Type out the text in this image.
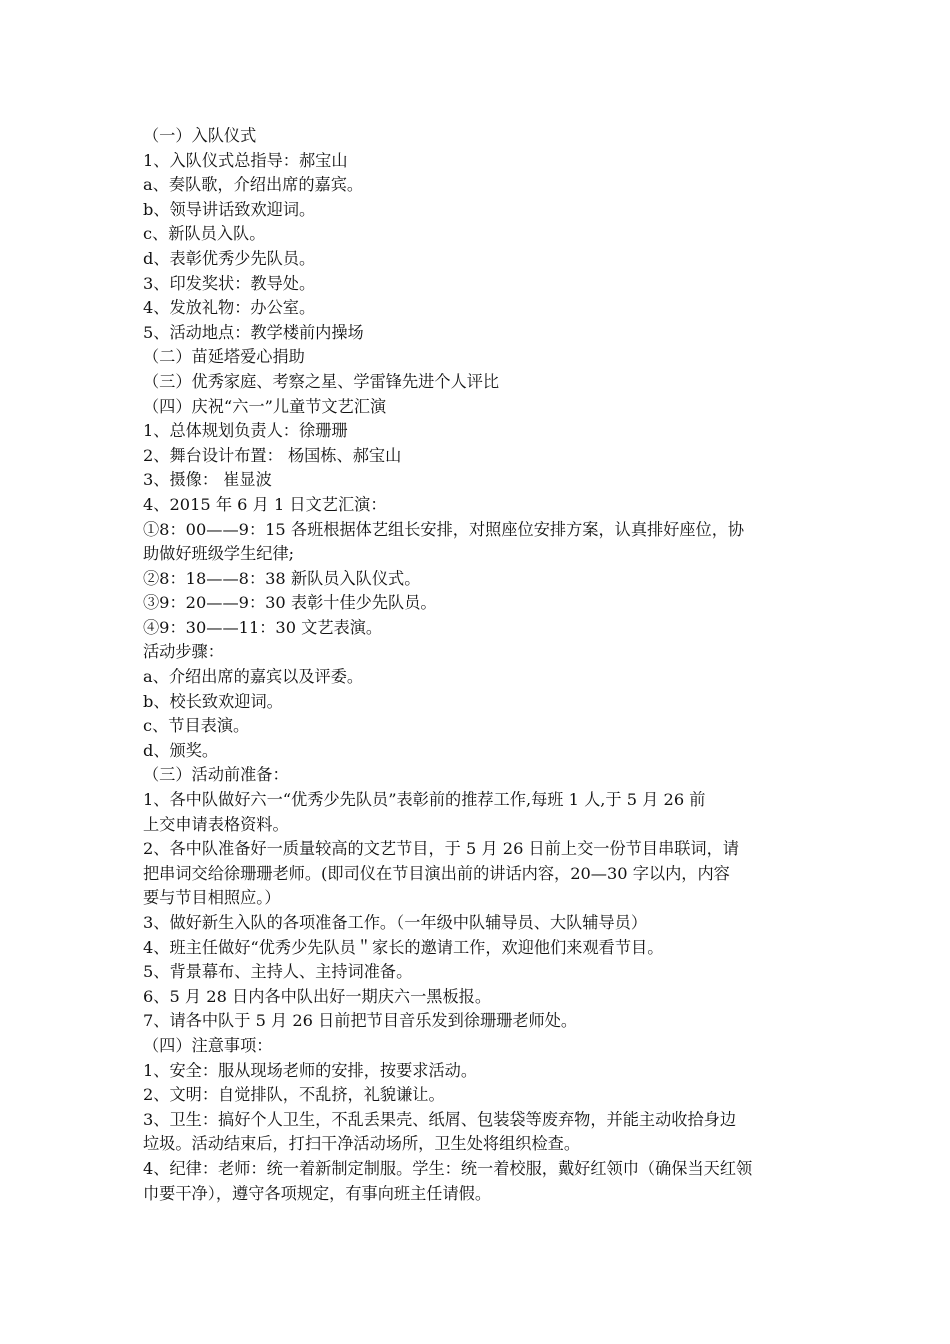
（一）入队仪式
1、入队仪式总指导：郝宝山
a、奏队歌，介绍出席的嘉宾。
b、领导讲话致欢迎词。
c、新队员入队。
d、表彰优秀少先队员。
3、印发奖状：教导处。
4、发放礼物：办公室。
5、活动地点：教学楼前内操场
（二）苗延塔爱心捐助
（三）优秀家庭、考察之星、学雷锋先进个人评比
（四）庆祝“六一”儿童节文艺汇演
1、总体规划负责人：徐珊珊
2、舞台设计布置： 杨国栋、郝宝山
3、摄像： 崔显波
4、2015 年 6 月 1 日文艺汇演：
①8：00——9：15 各班根据体艺组长安排，对照座位安排方案，认真排好座位，协
助做好班级学生纪律;
②8：18——8：38 新队员入队仪式。
③9：20——9：30 表彰十佳少先队员。
④9：30——11：30 文艺表演。
活动步骤：
a、介绍出席的嘉宾以及评委。
b、校长致欢迎词。
c、节目表演。
d、颁奖。
（三）活动前准备：
1、各中队做好六一“优秀少先队员”表彰前的推荐工作,每班 1 人,于 5 月 26 前
上交申请表格资料。
2、各中队准备好一质量较高的文艺节目，于 5 月 26 日前上交一份节目串联词，请
把串词交给徐珊珊老师。(即司仪在节目演出前的讲话内容，20—30 字以内，内容
要与节目相照应。）
3、做好新生入队的各项准备工作。（一年级中队辅导员、大队辅导员）
4、班主任做好“优秀少先队员＂家长的邀请工作，欢迎他们来观看节目。
5、背景幕布、主持人、主持词准备。
6、5 月 28 日内各中队出好一期庆六一黑板报。
7、请各中队于 5 月 26 日前把节目音乐发到徐珊珊老师处。
（四）注意事项：
1、安全：服从现场老师的安排，按要求活动。
2、文明：自觉排队，不乱挤，礼貌谦让。
3、卫生：搞好个人卫生，不乱丢果壳、纸屑、包装袋等废弃物，并能主动收拾身边
垃圾。活动结束后，打扫干净活动场所，卫生处将组织检查。
4、纪律：老师：统一着新制定制服。学生：统一着校服，戴好红领巾（确保当天红领
巾要干净），遵守各项规定，有事向班主任请假。
